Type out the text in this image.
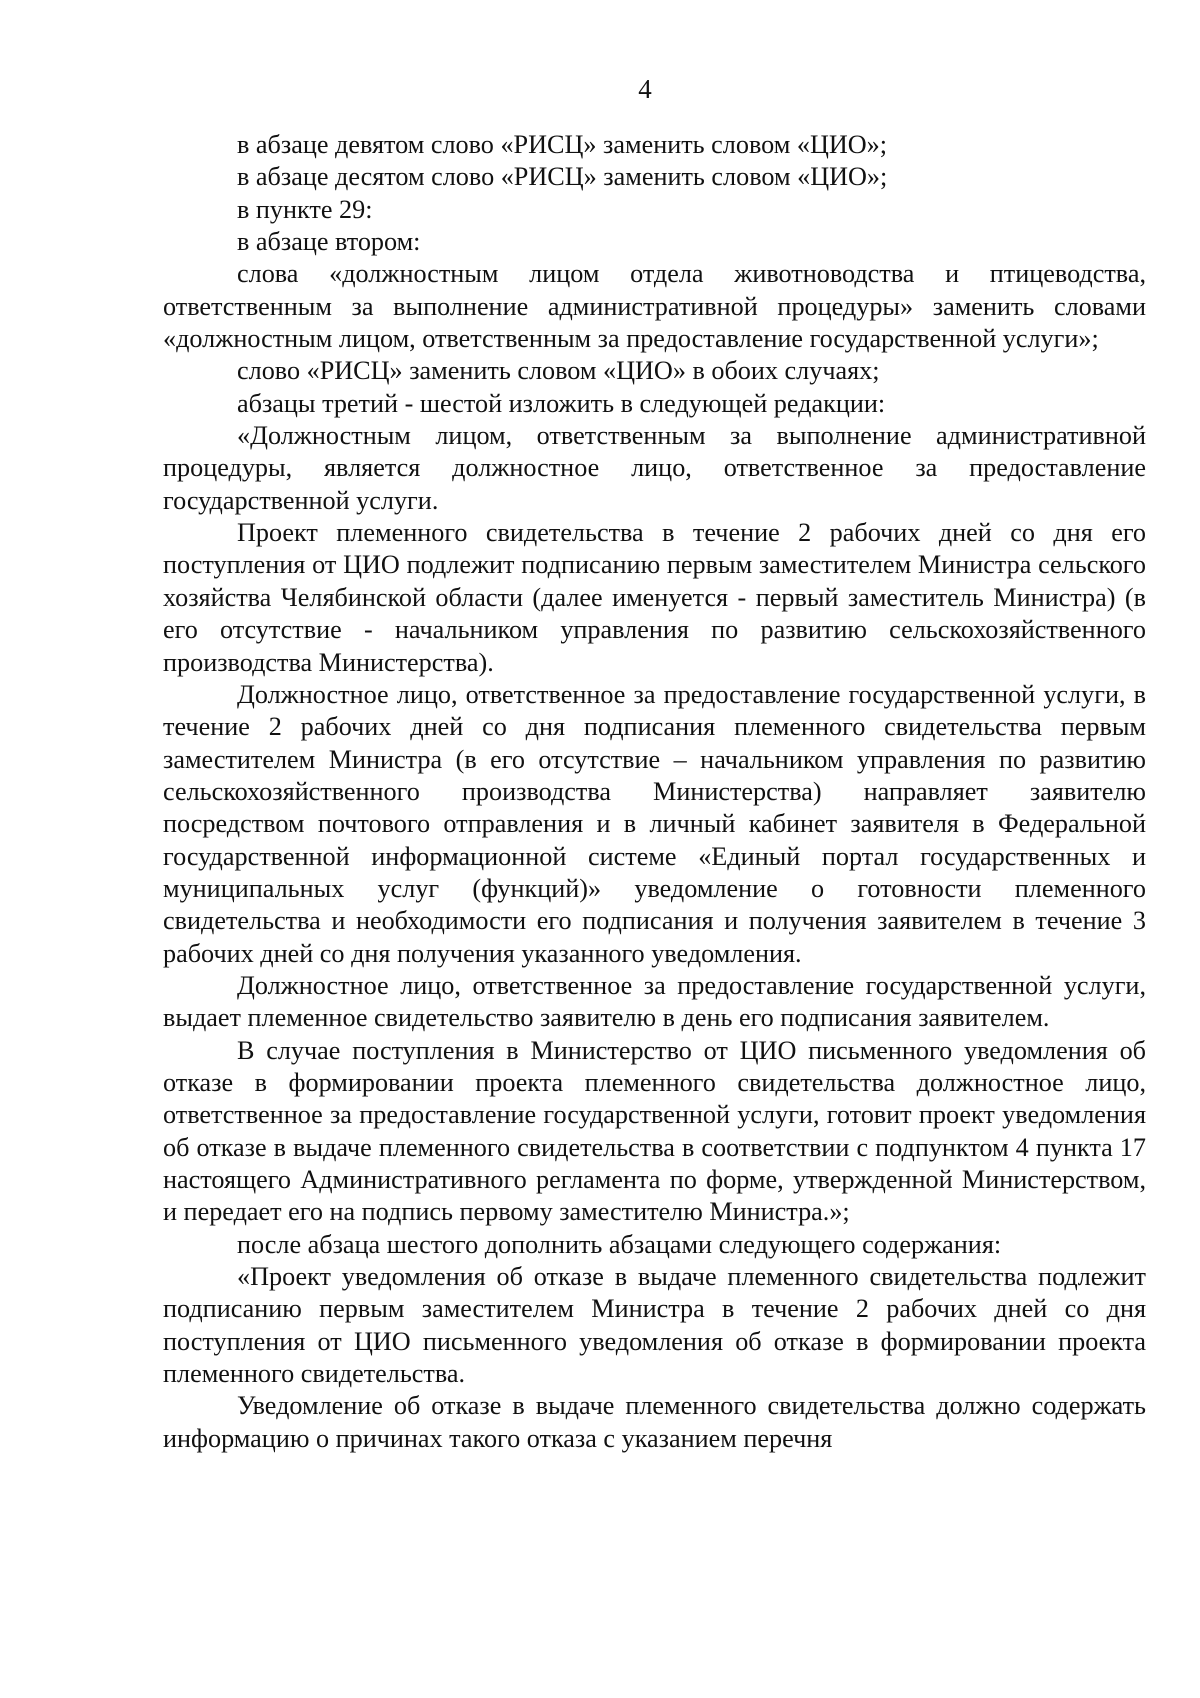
4

в абзаце девятом слово «РИСЦ» заменить словом «ЦИО»;

в абзаце десятом слово «РИСЦ» заменить словом «ЦИО»;

в пункте 29:

в абзаце втором:

слова «должностным лицом отдела животноводства и птицеводства, ответственным за выполнение административной процедуры» заменить словами «должностным лицом, ответственным за предоставление государственной услуги»;

слово «РИСЦ» заменить словом «ЦИО» в обоих случаях;

абзацы третий - шестой изложить в следующей редакции:

«Должностным лицом, ответственным за выполнение административной процедуры, является должностное лицо, ответственное за предоставление государственной услуги.

Проект племенного свидетельства в течение 2 рабочих дней со дня его поступления от ЦИО подлежит подписанию первым заместителем Министра сельского хозяйства Челябинской области (далее именуется - первый заместитель Министра) (в его отсутствие - начальником управления по развитию сельскохозяйственного производства Министерства).

Должностное лицо, ответственное за предоставление государственной услуги, в течение 2 рабочих дней со дня подписания племенного свидетельства первым заместителем Министра (в его отсутствие – начальником управления по развитию сельскохозяйственного производства Министерства) направляет заявителю посредством почтового отправления и в личный кабинет заявителя в Федеральной государственной информационной системе «Единый портал государственных и муниципальных услуг (функций)» уведомление о готовности племенного свидетельства и необходимости его подписания и получения заявителем в течение 3 рабочих дней со дня получения указанного уведомления.

Должностное лицо, ответственное за предоставление государственной услуги, выдает племенное свидетельство заявителю в день его подписания заявителем.

В случае поступления в Министерство от ЦИО письменного уведомления об отказе в формировании проекта племенного свидетельства должностное лицо, ответственное за предоставление государственной услуги, готовит проект уведомления об отказе в выдаче племенного свидетельства в соответствии с подпунктом 4 пункта 17 настоящего Административного регламента по форме, утвержденной Министерством, и передает его на подпись первому заместителю Министра.»;

после абзаца шестого дополнить абзацами следующего содержания:

«Проект уведомления об отказе в выдаче племенного свидетельства подлежит подписанию первым заместителем Министра в течение 2 рабочих дней со дня поступления от ЦИО письменного уведомления об отказе в формировании проекта племенного свидетельства.

Уведомление об отказе в выдаче племенного свидетельства должно содержать информацию о причинах такого отказа с указанием перечня
